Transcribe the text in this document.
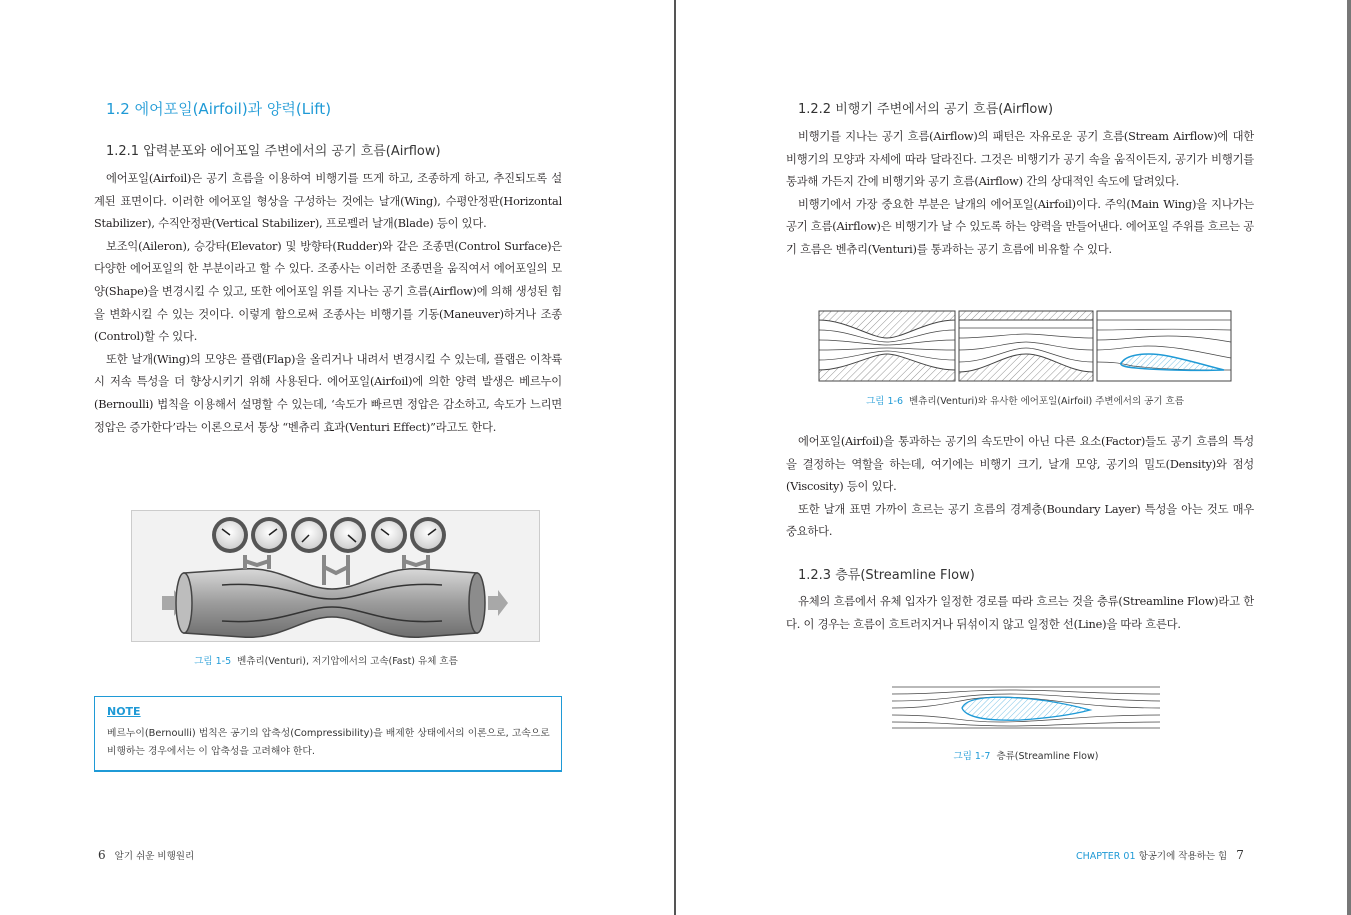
1.2 에어포일(Airfoil)과 양력(Lift)
1.2.1 압력분포와 에어포일 주변에서의 공기 흐름(Airflow)

에어포일(Airfoil)은 공기 흐름을 이용하여 비행기를 뜨게 하고, 조종하게 하고, 추진되도록 설계된 표면이다. 이러한 에어포일 형상을 구성하는 것에는 날개(Wing), 수평안정판(Horizontal Stabilizer), 수직안정판(Vertical Stabilizer), 프로펠러 날개(Blade) 등이 있다.

보조익(Aileron), 승강타(Elevator) 및 방향타(Rudder)와 같은 조종면(Control Surface)은 다양한 에어포일의 한 부분이라고 할 수 있다. 조종사는 이러한 조종면을 움직여서 에어포일의 모양(Shape)을 변경시킬 수 있고, 또한 에어포일 위를 지나는 공기 흐름(Airflow)에 의해 생성된 힘을 변화시킬 수 있는 것이다. 이렇게 함으로써 조종사는 비행기를 기동(Maneuver)하거나 조종(Control)할 수 있다.

또한 날개(Wing)의 모양은 플랩(Flap)을 올리거나 내려서 변경시킬 수 있는데, 플랩은 이착륙 시 저속 특성을 더 향상시키기 위해 사용된다. 에어포일(Airfoil)에 의한 양력 발생은 베르누이(Bernoulli) 법칙을 이용해서 설명할 수 있는데, ‘속도가 빠르면 정압은 감소하고, 속도가 느리면 정압은 증가한다’라는 이론으로서 통상 “벤츄리 효과(Venturi Effect)”라고도 한다.

그림 1-5 벤츄리(Venturi), 저기압에서의 고속(Fast) 유체 흐름
NOTE
베르누이(Bernoulli) 법칙은 공기의 압축성(Compressibility)을 배제한 상태에서의 이론으로, 고속으로 비행하는 경우에서는 이 압축성을 고려해야 한다.
6 알기 쉬운 비행원리
1.2.2 비행기 주변에서의 공기 흐름(Airflow)

비행기를 지나는 공기 흐름(Airflow)의 패턴은 자유로운 공기 흐름(Stream Airflow)에 대한 비행기의 모양과 자세에 따라 달라진다. 그것은 비행기가 공기 속을 움직이든지, 공기가 비행기를 통과해 가든지 간에 비행기와 공기 흐름(Airflow) 간의 상대적인 속도에 달려있다.

비행기에서 가장 중요한 부분은 날개의 에어포일(Airfoil)이다. 주익(Main Wing)을 지나가는 공기 흐름(Airflow)은 비행기가 날 수 있도록 하는 양력을 만들어낸다. 에어포일 주위를 흐르는 공기 흐름은 벤츄리(Venturi)를 통과하는 공기 흐름에 비유할 수 있다.

그림 1-6 벤츄리(Venturi)와 유사한 에어포일(Airfoil) 주변에서의 공기 흐름

에어포일(Airfoil)을 통과하는 공기의 속도만이 아닌 다른 요소(Factor)들도 공기 흐름의 특성을 결정하는 역할을 하는데, 여기에는 비행기 크기, 날개 모양, 공기의 밀도(Density)와 점성(Viscosity) 등이 있다.

또한 날개 표면 가까이 흐르는 공기 흐름의 경계층(Boundary Layer) 특성을 아는 것도 매우 중요하다.

1.2.3 층류(Streamline Flow)

유체의 흐름에서 유체 입자가 일정한 경로를 따라 흐르는 것을 층류(Streamline Flow)라고 한다. 이 경우는 흐름이 흐트러지거나 뒤섞이지 않고 일정한 선(Line)을 따라 흐른다.

그림 1-7 층류(Streamline Flow)
CHAPTER 01 항공기에 작용하는 힘 7
